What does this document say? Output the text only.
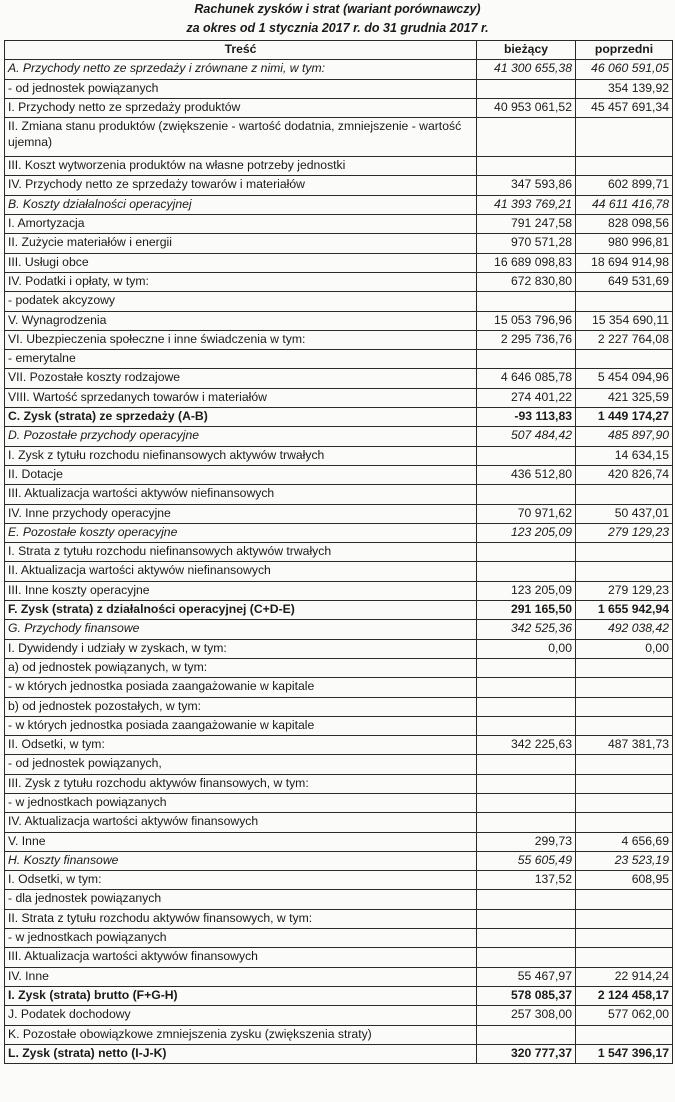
Rachunek zysków i strat (wariant porównawczy)
za okres od 1 stycznia 2017 r. do 31 grudnia 2017 r.
Treść	bieżący	poprzedni
A. Przychody netto ze sprzedaży i zrównane z nimi, w tym:	41 300 655,38	46 060 591,05
- od jednostek powiązanych		354 139,92
I. Przychody netto ze sprzedaży produktów	40 953 061,52	45 457 691,34
II. Zmiana stanu produktów (zwiększenie - wartość dodatnia, zmniejszenie - wartość ujemna)		
III. Koszt wytworzenia produktów na własne potrzeby jednostki		
IV. Przychody netto ze sprzedaży towarów i materiałów	347 593,86	602 899,71
B. Koszty działalności operacyjnej	41 393 769,21	44 611 416,78
I. Amortyzacja	791 247,58	828 098,56
II. Zużycie materiałów i energii	970 571,28	980 996,81
III. Usługi obce	16 689 098,83	18 694 914,98
IV. Podatki i opłaty, w tym:	672 830,80	649 531,69
- podatek akcyzowy		
V. Wynagrodzenia	15 053 796,96	15 354 690,11
VI. Ubezpieczenia społeczne i inne świadczenia w tym:	2 295 736,76	2 227 764,08
- emerytalne		
VII. Pozostałe koszty rodzajowe	4 646 085,78	5 454 094,96
VIII. Wartość sprzedanych towarów i materiałów	274 401,22	421 325,59
C. Zysk (strata) ze sprzedaży (A-B)	-93 113,83	1 449 174,27
D. Pozostałe przychody operacyjne	507 484,42	485 897,90
I. Zysk z tytułu rozchodu niefinansowych aktywów trwałych		14 634,15
II. Dotacje	436 512,80	420 826,74
III. Aktualizacja wartości aktywów niefinansowych		
IV. Inne przychody operacyjne	70 971,62	50 437,01
E. Pozostałe koszty operacyjne	123 205,09	279 129,23
I. Strata z tytułu rozchodu niefinansowych aktywów trwałych		
II. Aktualizacja wartości aktywów niefinansowych		
III. Inne koszty operacyjne	123 205,09	279 129,23
F. Zysk (strata) z działalności operacyjnej (C+D-E)	291 165,50	1 655 942,94
G. Przychody finansowe	342 525,36	492 038,42
I. Dywidendy i udziały w zyskach, w tym:	0,00	0,00
a) od jednostek powiązanych, w tym:		
- w których jednostka posiada zaangażowanie w kapitale		
b) od jednostek pozostałych, w tym:		
- w których jednostka posiada zaangażowanie w kapitale		
II. Odsetki, w tym:	342 225,63	487 381,73
- od jednostek powiązanych,		
III. Zysk z tytułu rozchodu aktywów finansowych, w tym:		
- w jednostkach powiązanych		
IV. Aktualizacja wartości aktywów finansowych		
V. Inne	299,73	4 656,69
H. Koszty finansowe	55 605,49	23 523,19
I. Odsetki, w tym:	137,52	608,95
- dla jednostek powiązanych		
II. Strata z tytułu rozchodu aktywów finansowych, w tym:		
- w jednostkach powiązanych		
III. Aktualizacja wartości aktywów finansowych		
IV. Inne	55 467,97	22 914,24
I. Zysk (strata) brutto (F+G-H)	578 085,37	2 124 458,17
J. Podatek dochodowy	257 308,00	577 062,00
K. Pozostałe obowiązkowe zmniejszenia zysku (zwiększenia straty)		
L. Zysk (strata) netto (I-J-K)	320 777,37	1 547 396,17
